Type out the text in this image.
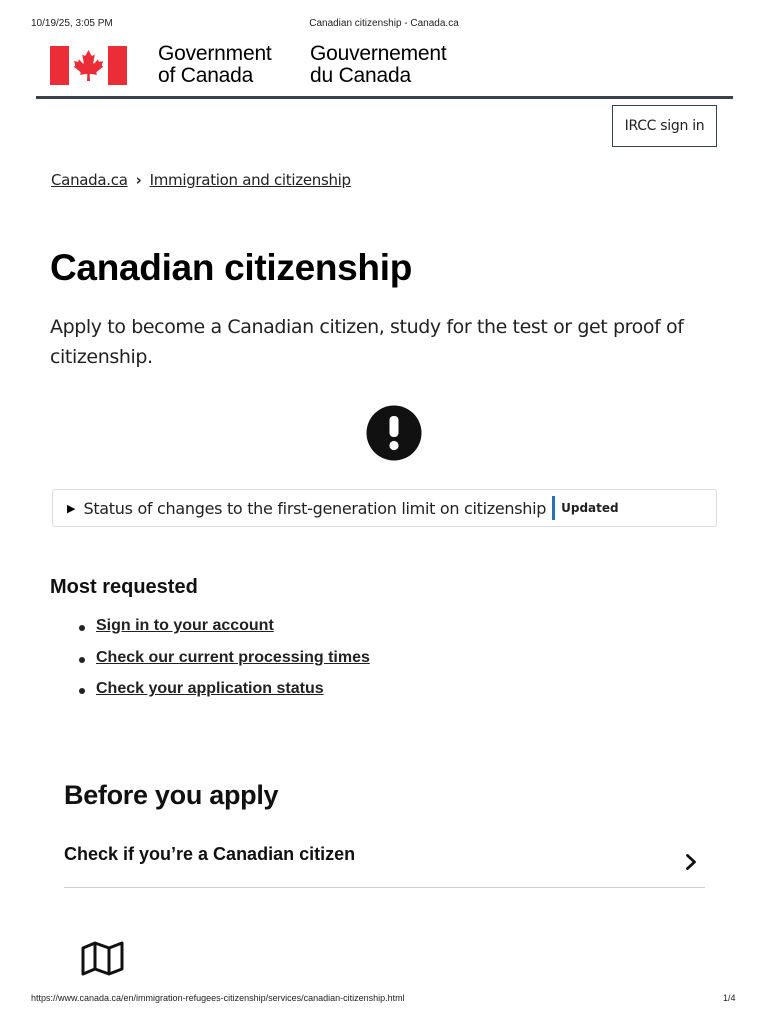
10/19/25, 3:05 PM	Canadian citizenship - Canada.ca
Government
of Canada
Gouvernement
du Canada
IRCC sign in
Canada.ca › Immigration and citizenship
Canadian citizenship

Apply to become a Canadian citizen, study for the test or get proof of citizenship.

▶ Status of changes to the first-generation limit on citizenship	Updated
Most requested
Sign in to your account
Check our current processing times
Check your application status
Before you apply
Check if you’re a Canadian citizen
https://www.canada.ca/en/immigration-refugees-citizenship/services/canadian-citizenship.html	1/4
